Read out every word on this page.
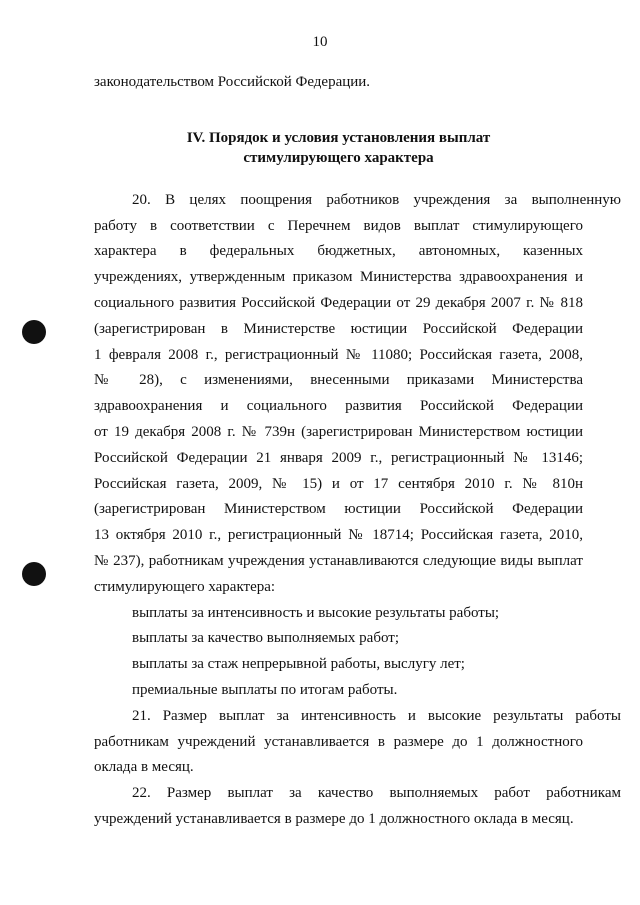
10
законодательством Российской Федерации.
IV. Порядок и условия установления выплат
стимулирующего характера
20. В целях поощрения работников учреждения за выполненную
работу в соответствии с Перечнем видов выплат стимулирующего
характера в федеральных бюджетных, автономных, казенных
учреждениях, утвержденным приказом Министерства здравоохранения и
социального развития Российской Федерации от 29 декабря 2007 г. № 818
(зарегистрирован в Министерстве юстиции Российской Федерации
1 февраля 2008 г., регистрационный № 11080; Российская газета, 2008,
№ 28), с изменениями, внесенными приказами Министерства
здравоохранения и социального развития Российской Федерации
от 19 декабря 2008 г. № 739н (зарегистрирован Министерством юстиции
Российской Федерации 21 января 2009 г., регистрационный № 13146;
Российская газета, 2009, № 15) и от 17 сентября 2010 г. № 810н
(зарегистрирован Министерством юстиции Российской Федерации
13 октября 2010 г., регистрационный № 18714; Российская газета, 2010,
№ 237), работникам учреждения устанавливаются следующие виды выплат
стимулирующего характера:
выплаты за интенсивность и высокие результаты работы;
выплаты за качество выполняемых работ;
выплаты за стаж непрерывной работы, выслугу лет;
премиальные выплаты по итогам работы.
21. Размер выплат за интенсивность и высокие результаты работы
работникам учреждений устанавливается в размере до 1 должностного
оклада в месяц.
22. Размер выплат за качество выполняемых работ работникам
учреждений устанавливается в размере до 1 должностного оклада в месяц.
